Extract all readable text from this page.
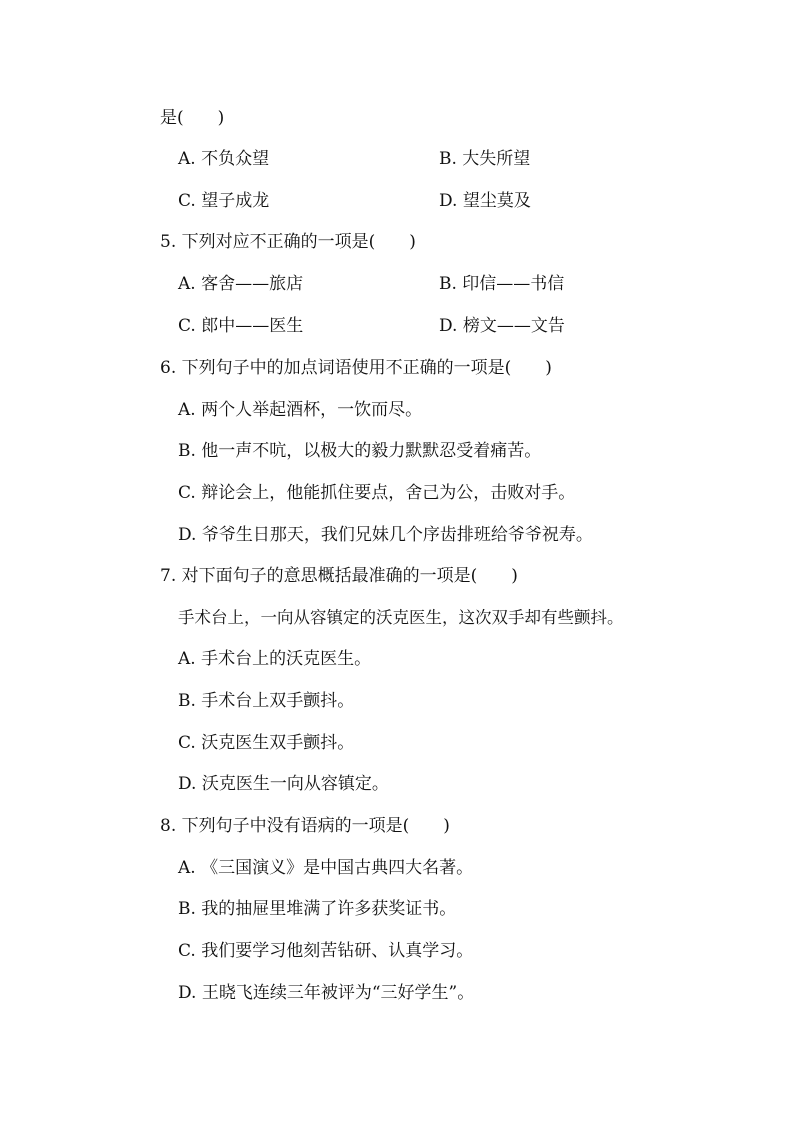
是(　　)
A. 不负众望	B. 大失所望
C. 望子成龙	D. 望尘莫及
5. 下列对应不正确的一项是(　　)
A. 客舍——旅店	B. 印信——书信
C. 郎中——医生	D. 榜文——文告
6. 下列句子中的加点词语使用不正确的一项是(　　)
A. 两个人举起酒杯，一饮而尽。
B. 他一声不吭，以极大的毅力默默忍受着痛苦。
C. 辩论会上，他能抓住要点，舍己为公，击败对手。
D. 爷爷生日那天，我们兄妹几个序齿排班给爷爷祝寿。
7. 对下面句子的意思概括最准确的一项是(　　)
手术台上，一向从容镇定的沃克医生，这次双手却有些颤抖。
A. 手术台上的沃克医生。
B. 手术台上双手颤抖。
C. 沃克医生双手颤抖。
D. 沃克医生一向从容镇定。
8. 下列句子中没有语病的一项是(　　)
A. 《三国演义》是中国古典四大名著。
B. 我的抽屉里堆满了许多获奖证书。
C. 我们要学习他刻苦钻研、认真学习。
D. 王晓飞连续三年被评为“三好学生”。
